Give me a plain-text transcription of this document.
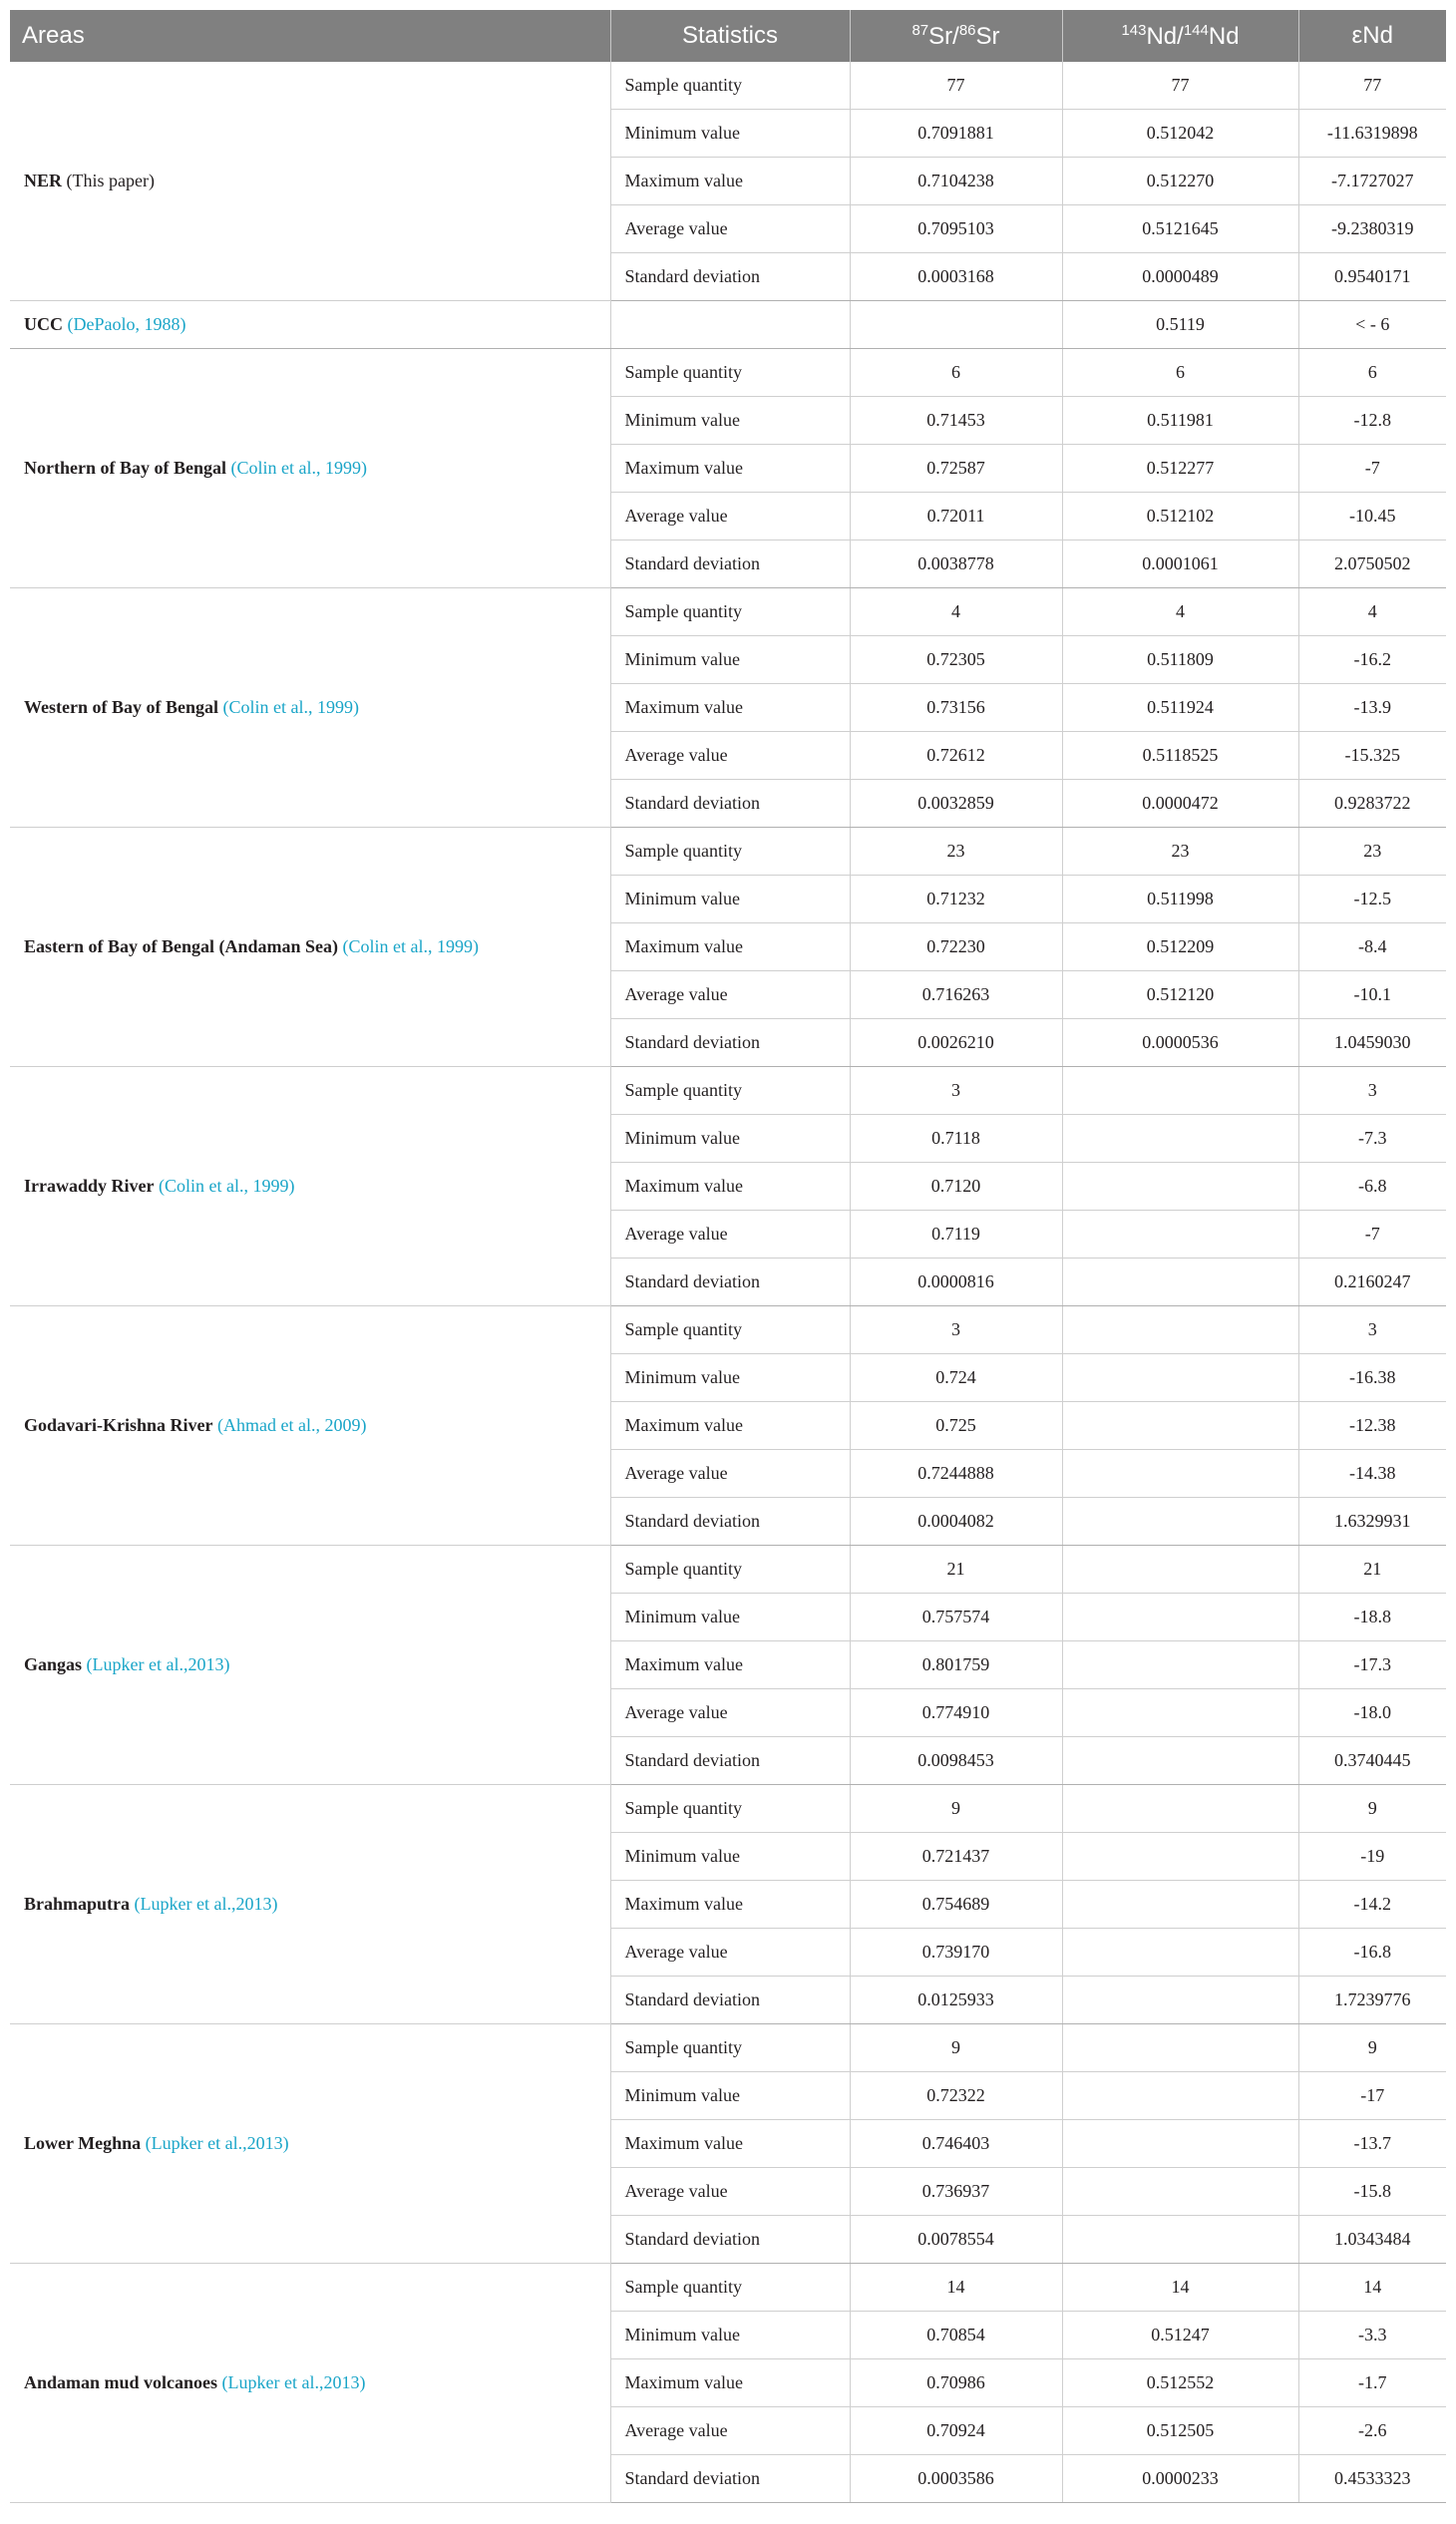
Areas	Statistics	$^{87}$Sr/$^{86}$Sr	$^{143}$Nd/$^{144}$Nd	εNd
NER (This paper)	Sample quantity	77	77	77
	Minimum value	0.7091881	0.512042	-11.6319898
	Maximum value	0.7104238	0.512270	-7.1727027
	Average value	0.7095103	0.5121645	-9.2380319
	Standard deviation	0.0003168	0.0000489	0.9540171
UCC (DePaolo, 1988)			0.5119	< - 6
Northern of Bay of Bengal (Colin et al., 1999)	Sample quantity	6	6	6
	Minimum value	0.71453	0.511981	-12.8
	Maximum value	0.72587	0.512277	-7
	Average value	0.72011	0.512102	-10.45
	Standard deviation	0.0038778	0.0001061	2.0750502
Western of Bay of Bengal (Colin et al., 1999)	Sample quantity	4	4	4
	Minimum value	0.72305	0.511809	-16.2
	Maximum value	0.73156	0.511924	-13.9
	Average value	0.72612	0.5118525	-15.325
	Standard deviation	0.0032859	0.0000472	0.9283722
Eastern of Bay of Bengal (Andaman Sea) (Colin et al., 1999)	Sample quantity	23	23	23
	Minimum value	0.71232	0.511998	-12.5
	Maximum value	0.72230	0.512209	-8.4
	Average value	0.716263	0.512120	-10.1
	Standard deviation	0.0026210	0.0000536	1.0459030
Irrawaddy River (Colin et al., 1999)	Sample quantity	3		3
	Minimum value	0.7118		-7.3
	Maximum value	0.7120		-6.8
	Average value	0.7119		-7
	Standard deviation	0.0000816		0.2160247
Godavari-Krishna River (Ahmad et al., 2009)	Sample quantity	3		3
	Minimum value	0.724		-16.38
	Maximum value	0.725		-12.38
	Average value	0.7244888		-14.38
	Standard deviation	0.0004082		1.6329931
Gangas (Lupker et al.,2013)	Sample quantity	21		21
	Minimum value	0.757574		-18.8
	Maximum value	0.801759		-17.3
	Average value	0.774910		-18.0
	Standard deviation	0.0098453		0.3740445
Brahmaputra (Lupker et al.,2013)	Sample quantity	9		9
	Minimum value	0.721437		-19
	Maximum value	0.754689		-14.2
	Average value	0.739170		-16.8
	Standard deviation	0.0125933		1.7239776
Lower Meghna (Lupker et al.,2013)	Sample quantity	9		9
	Minimum value	0.72322		-17
	Maximum value	0.746403		-13.7
	Average value	0.736937		-15.8
	Standard deviation	0.0078554		1.0343484
Andaman mud volcanoes (Lupker et al.,2013)	Sample quantity	14	14	14
	Minimum value	0.70854	0.51247	-3.3
	Maximum value	0.70986	0.512552	-1.7
	Average value	0.70924	0.512505	-2.6
	Standard deviation	0.0003586	0.0000233	0.4533323
